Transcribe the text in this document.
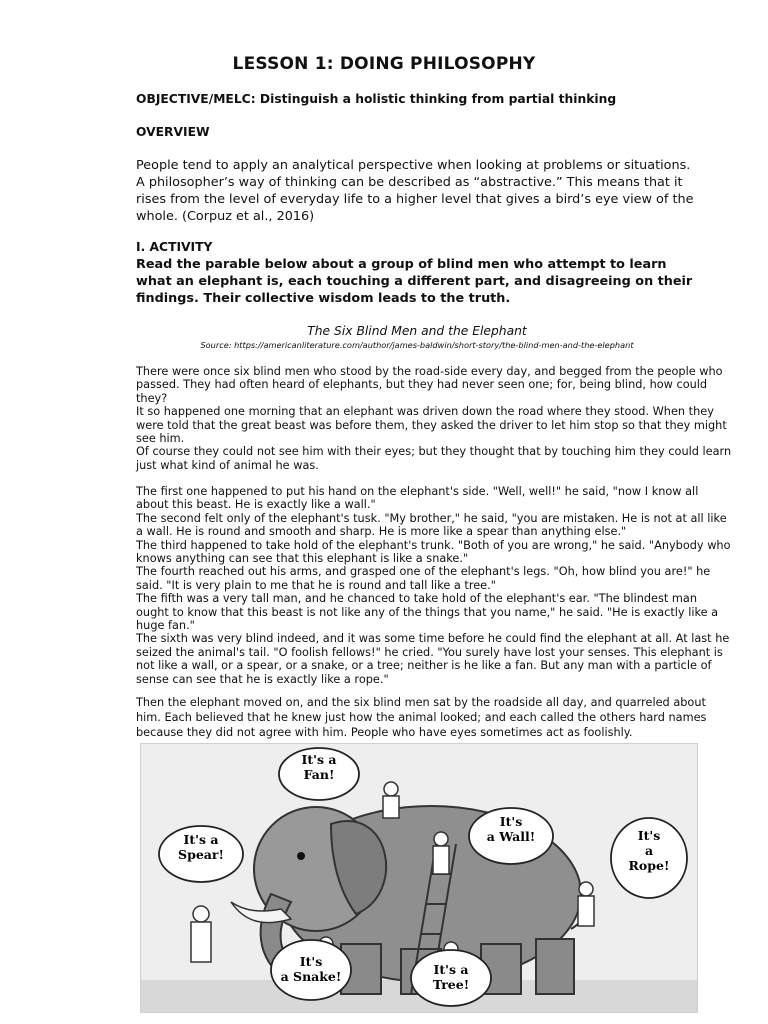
LESSON 1: DOING PHILOSOPHY
OBJECTIVE/MELC: Distinguish a holistic thinking from partial thinking
OVERVIEW

People tend to apply an analytical perspective when looking at problems or situations.

A philosopher’s way of thinking can be described as “abstractive.” This means that it rises from the level of everyday life to a higher level that gives a bird’s eye view of the whole. (Corpuz et al., 2016)

I. ACTIVITY
Read the parable below about a group of blind men who attempt to learn what an elephant is, each touching a different part, and disagreeing on their findings. Their collective wisdom leads to the truth.
The Six Blind Men and the Elephant
Source: https://americanliterature.com/author/james-baldwin/short-story/the-blind-men-and-the-elephant

There were once six blind men who stood by the road-side every day, and begged from the people who passed. They had often heard of elephants, but they had never seen one; for, being blind, how could they?

It so happened one morning that an elephant was driven down the road where they stood. When they were told that the great beast was before them, they asked the driver to let him stop so that they might see him.

Of course they could not see him with their eyes; but they thought that by touching him they could learn just what kind of animal he was.

The first one happened to put his hand on the elephant's side. "Well, well!" he said, "now I know all about this beast. He is exactly like a wall."

The second felt only of the elephant's tusk. "My brother," he said, "you are mistaken. He is not at all like a wall. He is round and smooth and sharp. He is more like a spear than anything else."

The third happened to take hold of the elephant's trunk. "Both of you are wrong," he said. "Anybody who knows anything can see that this elephant is like a snake."

The fourth reached out his arms, and grasped one of the elephant's legs. "Oh, how blind you are!" he said. "It is very plain to me that he is round and tall like a tree."

The fifth was a very tall man, and he chanced to take hold of the elephant's ear. "The blindest man ought to know that this beast is not like any of the things that you name," he said. "He is exactly like a huge fan."

The sixth was very blind indeed, and it was some time before he could find the elephant at all. At last he seized the animal's tail. "O foolish fellows!" he cried. "You surely have lost your senses. This elephant is not like a wall, or a spear, or a snake, or a tree; neither is he like a fan. But any man with a particle of sense can see that he is exactly like a rope."

Then the elephant moved on, and the six blind men sat by the roadside all day, and quarreled about him. Each believed that he knew just how the animal looked; and each called the others hard names because they did not agree with him. People who have eyes sometimes act as foolishly.

It's a
Fan!
It's
a Wall!
It's a
Spear!
It's
a
Rope!
It's
a Snake!	It's a
Tree!
